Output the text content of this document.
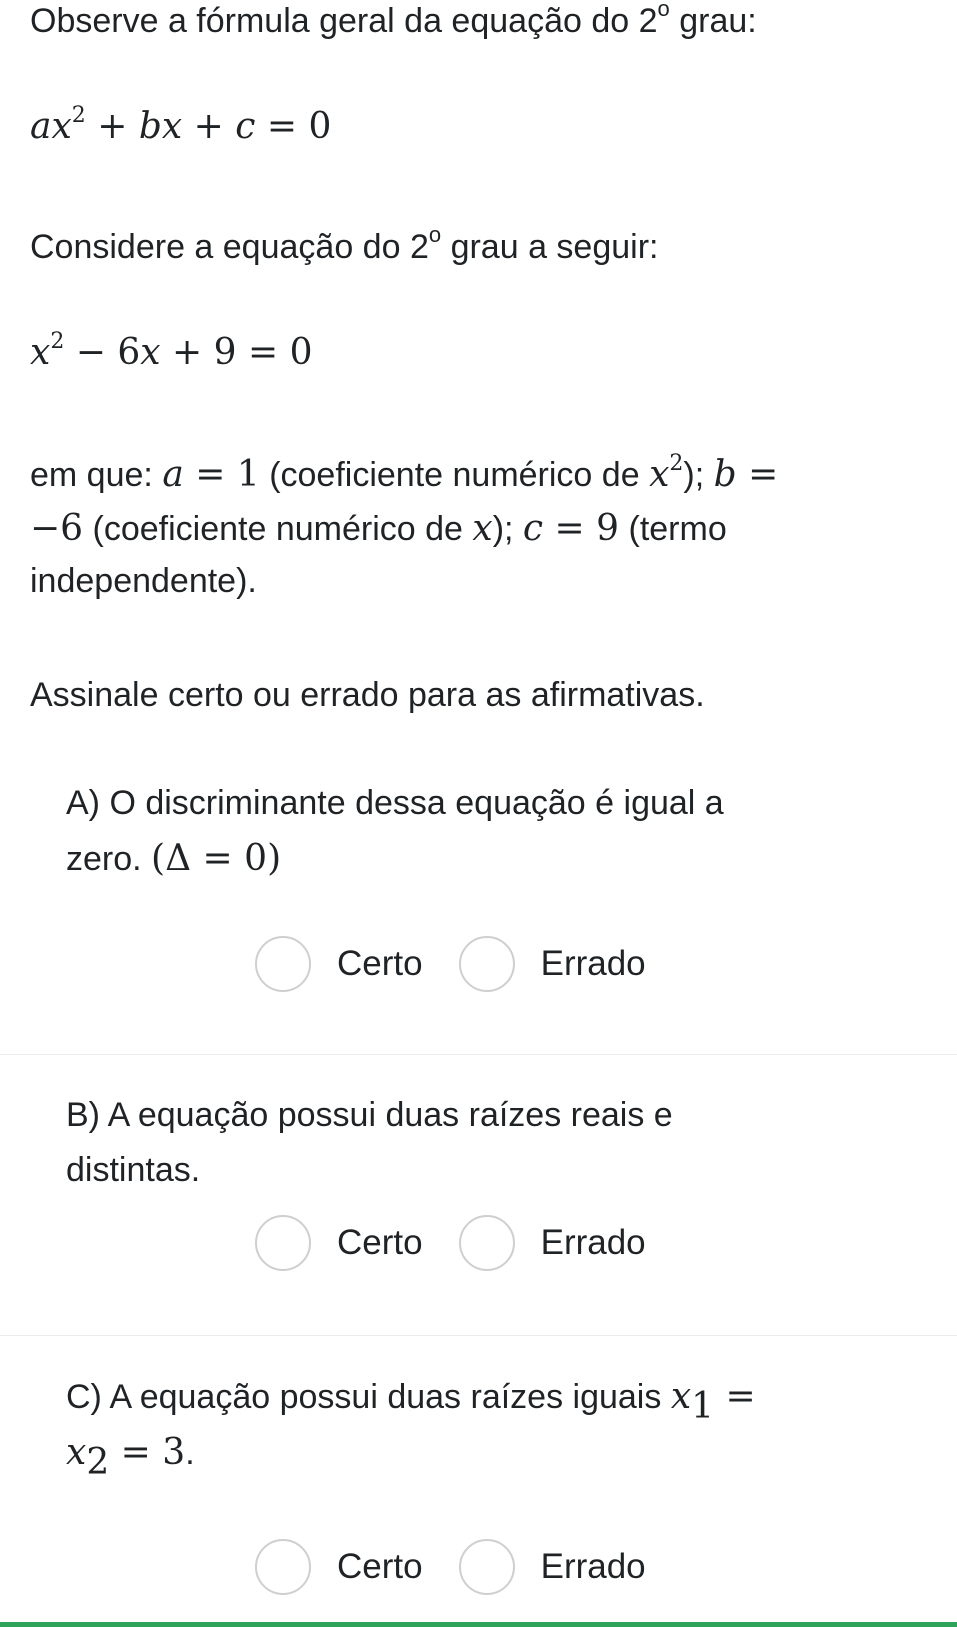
Observe a fórmula geral da equação do 2$^o$ grau:

$ax^2$ + bx + c = 0

Considere a equação do 2$^o$ grau a seguir:

$x^2 - 6x + 9 = 0$

em que: a = 1 (coeficiente numérico de $x^2$); b =

−6 (coeficiente numérico de x); c = 9 (termo

independente).

Assinale certo ou errado para as afirmativas.

A) O discriminante dessa equação é igual a

zero. (Δ = 0)

Certo	Errado

B) A equação possui duas raízes reais e

distintas.

Certo	Errado

C) A equação possui duas raízes iguais $x_1$ =

$x_2 = 3$.

Certo	Errado
